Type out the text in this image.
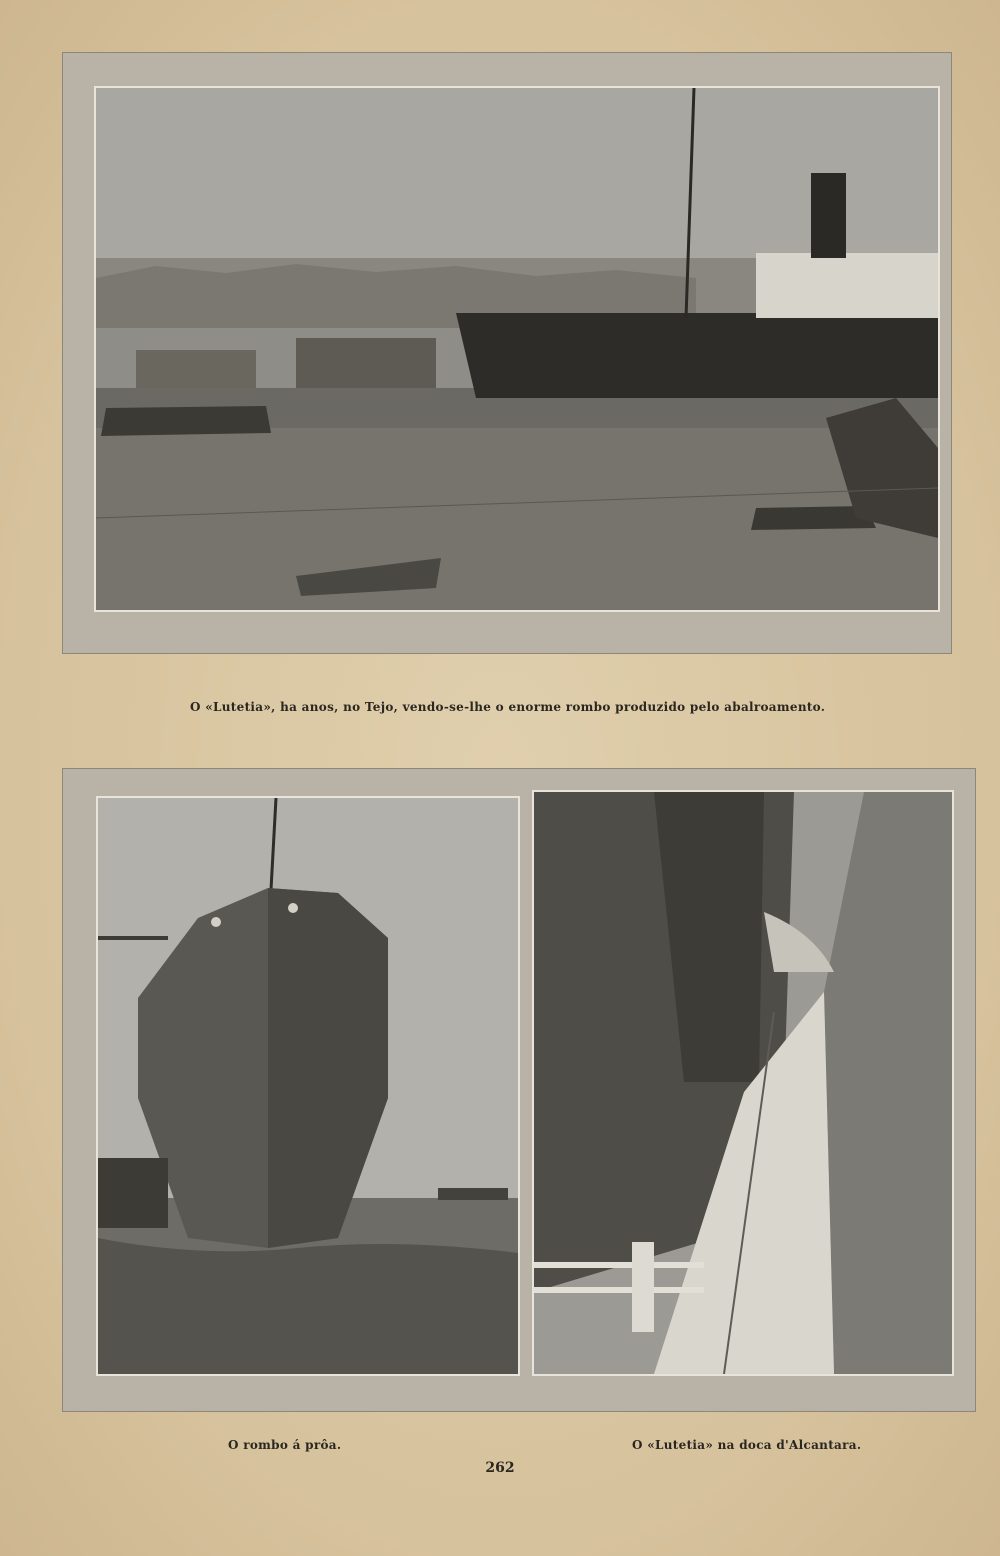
O «Lutetia», ha anos, no Tejo, vendo-se-lhe o enorme rombo produzido pelo abalroamento.
O rombo á prôa.	O «Lutetia» na doca d'Alcantara.
262
